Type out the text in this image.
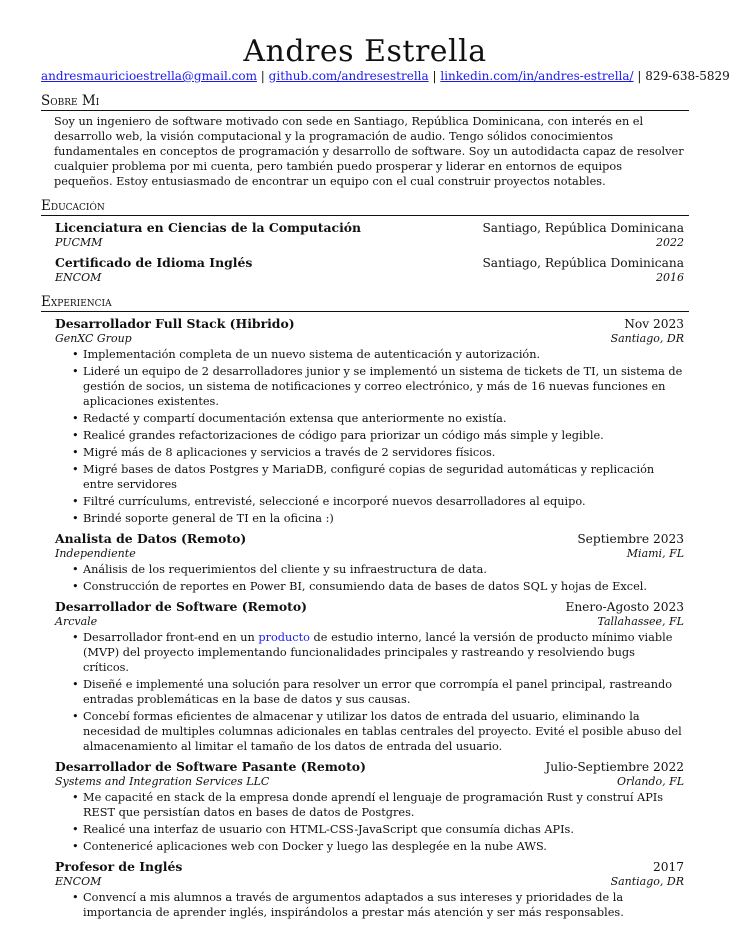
Andres Estrella
andresmauricioestrella@gmail.com | github.com/andresestrella | linkedin.com/in/andres-estrella/ | 829-638-5829
Sobre Mi
Soy un ingeniero de software motivado con sede en Santiago, República Dominicana, con interés en el desarrollo web, la visión computacional y la programación de audio. Tengo sólidos conocimientos fundamentales en conceptos de programación y desarrollo de software. Soy un autodidacta capaz de resolver cualquier problema por mi cuenta, pero también puedo prosperar y liderar en entornos de equipos pequeños. Estoy entusiasmado de encontrar un equipo con el cual construir proyectos notables.
Educación
Licenciatura en Ciencias de la Computación	Santiago, República Dominicana
PUCMM	2022
Certificado de Idioma Inglés	Santiago, República Dominicana
ENCOM	2016
Experiencia
Desarrollador Full Stack (Hibrido)	Nov 2023
GenXC Group	Santiago, DR
• Implementación completa de un nuevo sistema de autenticación y autorización.
• Lideré un equipo de 2 desarrolladores junior y se implementó un sistema de tickets de TI, un sistema de gestión de socios, un sistema de notificaciones y correo electrónico, y más de 16 nuevas funciones en aplicaciones existentes.
• Redacté y compartí documentación extensa que anteriormente no existía.
• Realicé grandes refactorizaciones de código para priorizar un código más simple y legible.
• Migré más de 8 aplicaciones y servicios a través de 2 servidores físicos.
• Migré bases de datos Postgres y MariaDB, configuré copias de seguridad automáticas y replicación entre servidores
• Filtré currículums, entrevisté, seleccioné e incorporé nuevos desarrolladores al equipo.
• Brindé soporte general de TI en la oficina :)
Analista de Datos (Remoto)	Septiembre 2023
Independiente	Miami, FL
• Análisis de los requerimientos del cliente y su infraestructura de data.
• Construcción de reportes en Power BI, consumiendo data de bases de datos SQL y hojas de Excel.
Desarrollador de Software (Remoto)	Enero-Agosto 2023
Arcvale	Tallahassee, FL
• Desarrollador front-end en un producto de estudio interno, lancé la versión de producto mínimo viable (MVP) del proyecto implementando funcionalidades principales y rastreando y resolviendo bugs críticos.
• Diseñé e implementé una solución para resolver un error que corrompía el panel principal, rastreando entradas problemáticas en la base de datos y sus causas.
• Concebí formas eficientes de almacenar y utilizar los datos de entrada del usuario, eliminando la necesidad de multiples columnas adicionales en tablas centrales del proyecto. Evité el posible abuso del almacenamiento al limitar el tamaño de los datos de entrada del usuario.
Desarrollador de Software Pasante (Remoto)	Julio-Septiembre 2022
Systems and Integration Services LLC	Orlando, FL
• Me capacité en stack de la empresa donde aprendí el lenguaje de programación Rust y construí APIs REST que persistían datos en bases de datos de Postgres.
• Realicé una interfaz de usuario con HTML-CSS-JavaScript que consumía dichas APIs.
• Contenericé aplicaciones web con Docker y luego las desplegée en la nube AWS.
Profesor de Inglés	2017
ENCOM	Santiago, DR
• Convencí a mis alumnos a través de argumentos adaptados a sus intereses y prioridades de la importancia de aprender inglés, inspirándolos a prestar más atención y ser más responsables.
